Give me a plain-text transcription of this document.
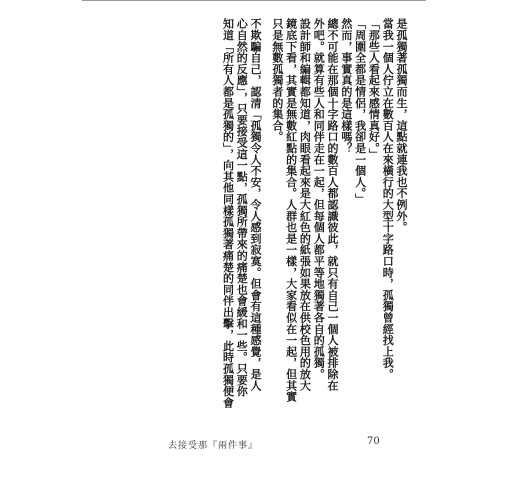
是孤獨著孤獨而生，這點就連我也不例外。
當我一個人佇立在數百人在來橫行的大型十字路口時，孤獨曾經找上我。
「那些人看起來感情真好。」
「周圍全都是情侶，我卻是一個人。」
然而，事實真的是這樣嗎？
總不可能在那個十字路口的數百人都認識彼此，就只有自己一個人被排除在
外吧。就算有些人和同伴走在一起，但每個人都平等地獨著各自的孤獨。
設計師和編輯都知道，肉眼看起來是大紅色的紙張如果放在供校色用的放大
鏡底下看，其實是無數紅點的集合。人群也是一樣，大家看似在一起，但其實
只是無數孤獨者的集合。
不欺騙自己，認清「孤獨令人不安，令人感到寂寞。但會有這種感覺，是人
心自然的反應」，只要接受這一點，孤獨所帶來的痛楚也會緩和一些。只要你
知道「所有人都是孤獨的」，向其他同樣孤獨著痛楚的同伴出擊，此時孤獨便會
去接受那『兩件事』	70
